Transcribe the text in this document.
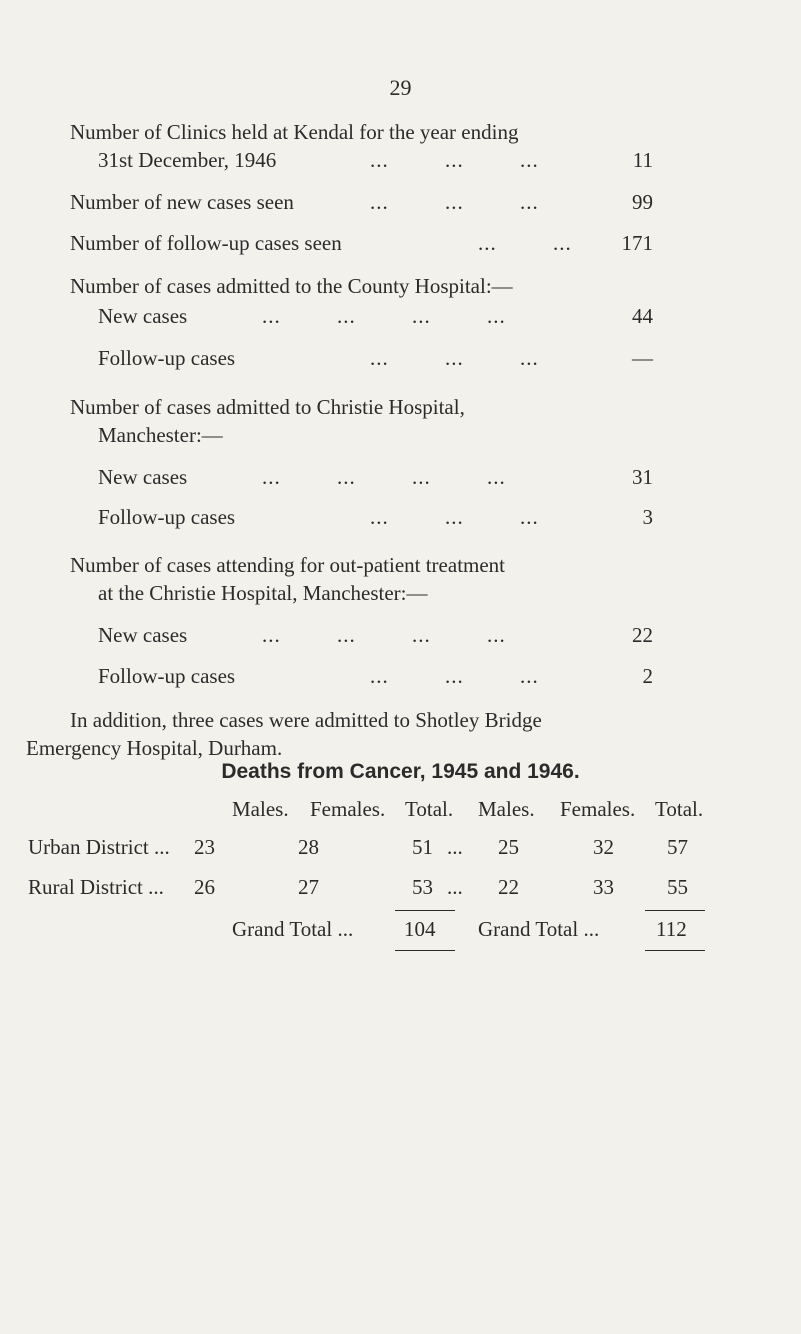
29
Number of Clinics held at Kendal for the year ending
31st December, 1946	...         ...         ...	11
Number of new cases seen	...         ...         ...	99
Number of follow-up cases seen	...         ...	171
Number of cases admitted to the County Hospital:—
New cases	...         ...         ...         ...	44
Follow-up cases	...         ...         ...	—
Number of cases admitted to Christie Hospital,
Manchester:—
New cases	...         ...         ...         ...	31
Follow-up cases	...         ...         ...	3
Number of cases attending for out-patient treatment
at the Christie Hospital, Manchester:—
New cases	...         ...         ...         ...	22
Follow-up cases	...         ...         ...	2
In addition, three cases were admitted to Shotley Bridge
Emergency Hospital, Durham.
Deaths from Cancer, 1945 and 1946.
Males. Females. Total. Males. Females. Total.
Urban District ... 23	28	51 ... 25	32	57
Rural District ... 26	27	53 ... 22	33	55
Grand Total ... 104 Grand Total ...	112
